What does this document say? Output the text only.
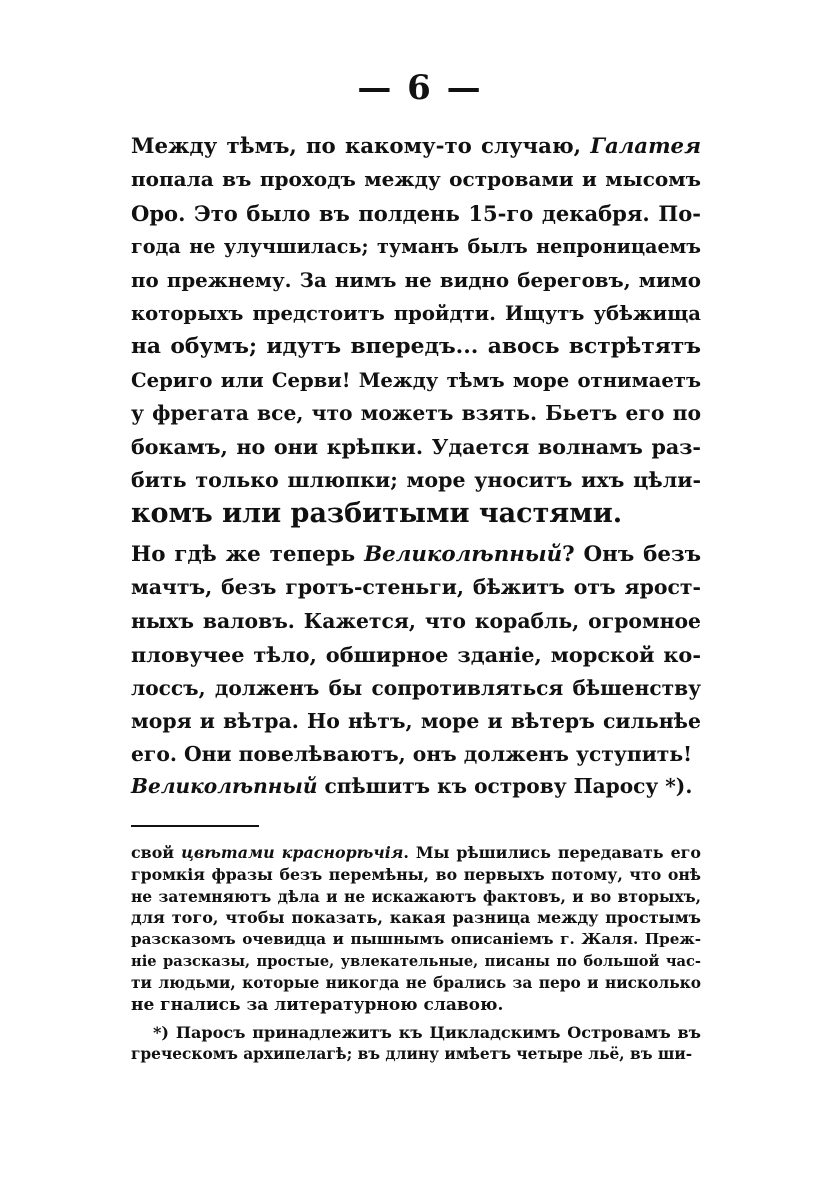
— 6 —
Между тѣмъ, по какому-то случаю, Галатея
попала въ проходъ между островами и мысомъ
Оро. Это было въ полдень 15-го декабря. По-
года не улучшилась; туманъ былъ непроницаемъ
по прежнему. За нимъ не видно береговъ, мимо
которыхъ предстоитъ пройдти. Ищутъ убѣжища
на обумъ; идутъ впередъ... авось встрѣтятъ
Сериго или Серви! Между тѣмъ море отнимаетъ
у фрегата все, что можетъ взять. Бьетъ его по
бокамъ, но они крѣпки. Удается волнамъ раз-
бить только шлюпки; море уноситъ ихъ цѣли-
комъ или разбитыми частями.
Но гдѣ же теперь Великолѣпный? Онъ безъ
мачтъ, безъ гротъ-стеньги, бѣжитъ отъ ярост-
ныхъ валовъ. Кажется, что корабль, огромное
пловучее тѣло, обширное зданiе, морской ко-
лоссъ, долженъ бы сопротивляться бѣшенству
моря и вѣтра. Но нѣтъ, море и вѣтеръ сильнѣе
его. Они повелѣваютъ, онъ долженъ уступить!
Великолѣпный спѣшитъ къ острову Паросу *).
свой цвѣтами краснорѣчiя. Мы рѣшились передавать его
громкiя фразы безъ перемѣны, во первыхъ потому, что онѣ
не затемняютъ дѣла и не искажаютъ фактовъ, и во вторыхъ,
для того, чтобы показать, какая разница между простымъ
разсказомъ очевидца и пышнымъ описанiемъ г. Жаля. Преж-
нiе разсказы, простые, увлекательные, писаны по большой час-
ти людьми, которые никогда не брались за перо и нисколько
не гнались за литературною славою.
*) Паросъ принадлежитъ къ Цикладскимъ Островамъ въ
греческомъ архипелагѣ; въ длину имѣетъ четыре льё, въ ши-
